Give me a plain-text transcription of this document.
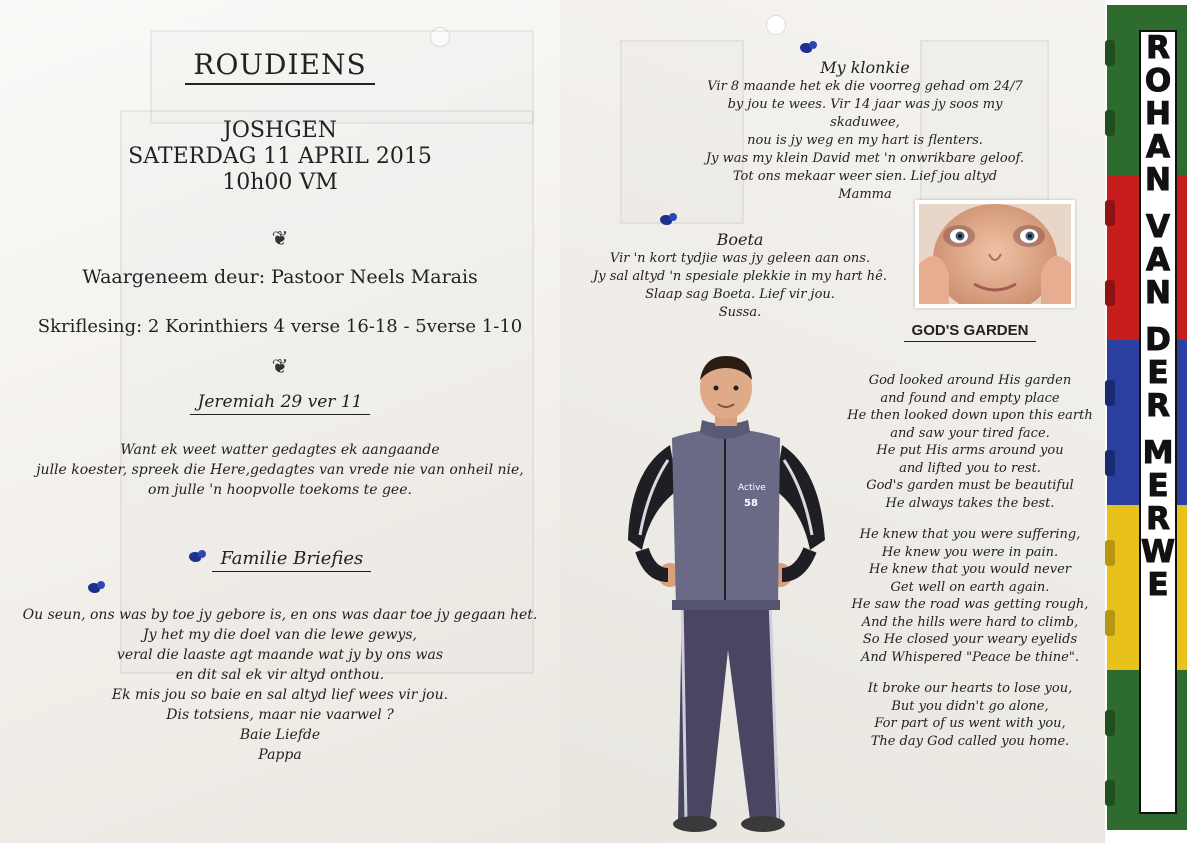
ROUDIENS
JOSHGEN
SATERDAG 11 APRIL 2015
10h00 VM
❦
Waargeneem deur: Pastoor Neels Marais
Skriflesing: 2 Korinthiers 4 verse 16-18 - 5verse 1-10
❦
Jeremiah 29 ver 11

Want ek weet watter gedagtes ek aangaande

julle koester, spreek die Here,gedagtes van vrede nie van onheil nie,

om julle 'n hoopvolle toekoms te gee.

Familie Briefies

Ou seun, ons was by toe jy gebore is, en ons was daar toe jy gegaan het.

Jy het my die doel van die lewe gewys,

veral die laaste agt maande wat jy by ons was

en dit sal ek vir altyd onthou.

Ek mis jou so baie en sal altyd lief wees vir jou.

Dis totsiens, maar nie vaarwel ?

Baie Liefde

Pappa

My klonkie

Vir 8 maande het ek die voorreg gehad om 24/7

by jou te wees. Vir 14 jaar was jy soos my skaduwee,

nou is jy weg en my hart is flenters.

Jy was my klein David met 'n onwrikbare geloof.

Tot ons mekaar weer sien. Lief jou altyd

Mamma

Boeta

Vir 'n kort tydjie was jy geleen aan ons.

Jy sal altyd 'n spesiale plekkie in my hart hê.

Slaap sag Boeta. Lief vir jou.

Sussa.

GOD'S GARDEN

God looked around His garden

and found and empty place

He then looked down upon this earth

and saw your tired face.

He put His arms around you

and lifted you to rest.

God's garden must be beautiful

He always takes the best.

He knew that you were suffering,

He knew you were in pain.

He knew that you would never

Get well on earth again.

He saw the road was getting rough,

And the hills were hard to climb,

So He closed your weary eyelids

And Whispered "Peace be thine".

It broke our hearts to lose you,

But you didn't go alone,

For part of us went with you,

The day God called you home.

Active
58
R
O
H
A
N
V
A
N
D
E
R
M
E
R
W
E
